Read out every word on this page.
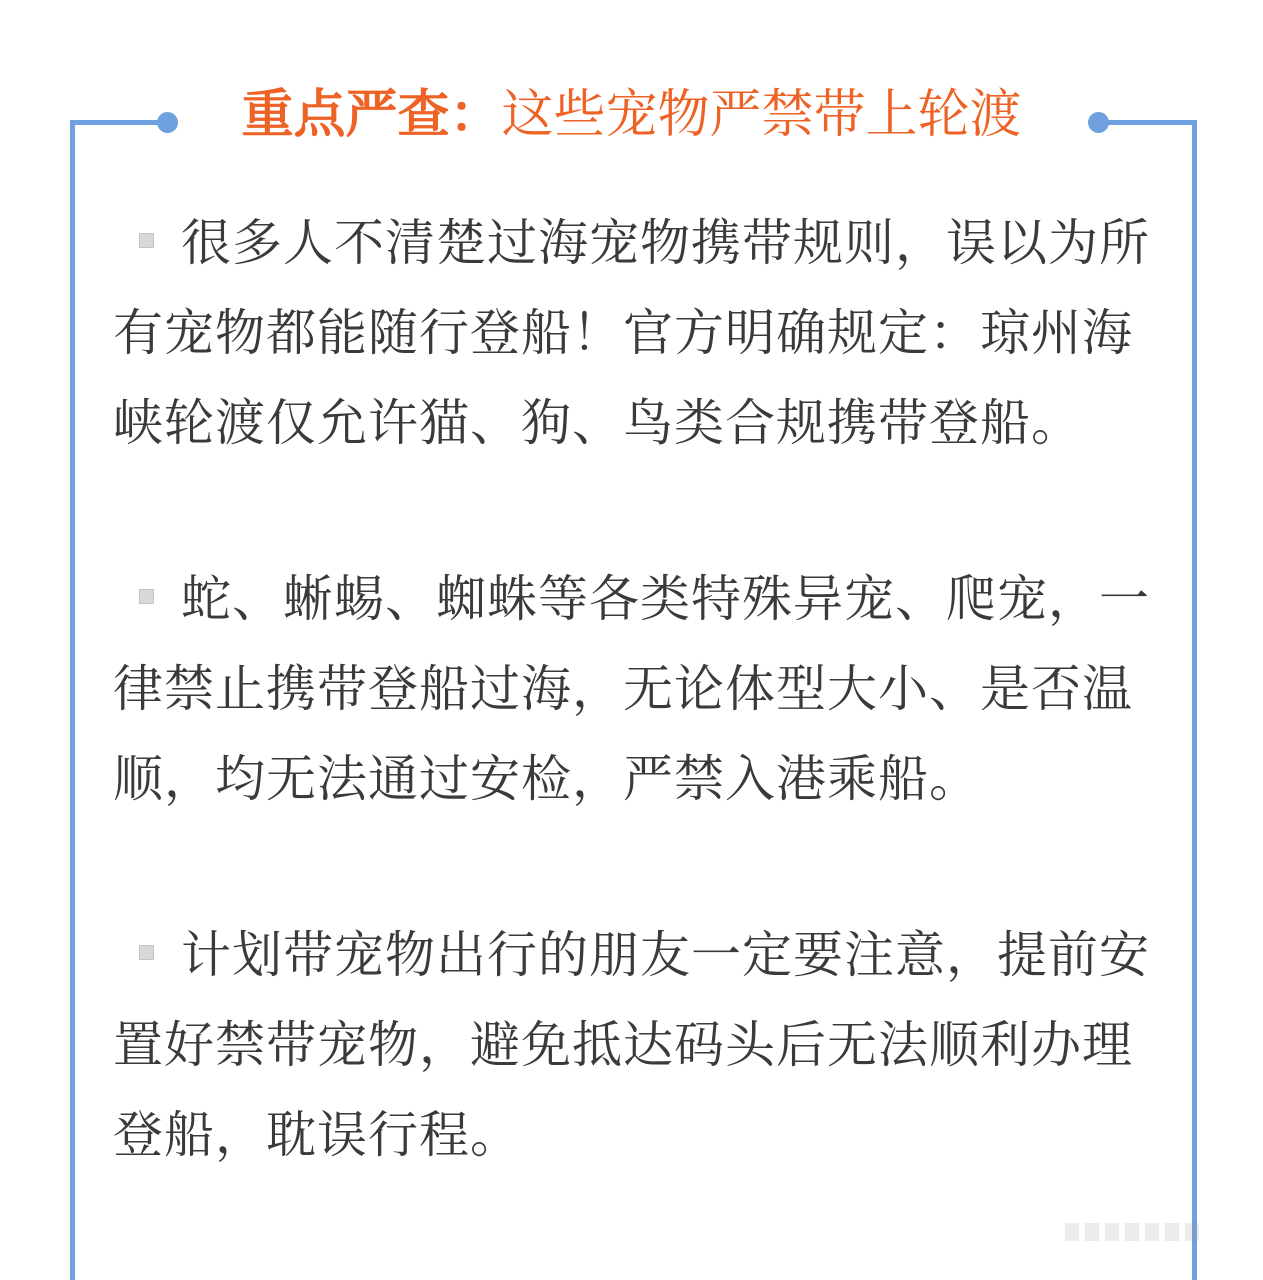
重点严查：这些宠物严禁带上轮渡

很多人不清楚过海宠物携带规则，误以为所有宠物都能随行登船！官方明确规定：琼州海峡轮渡仅允许猫、狗、鸟类合规携带登船。

蛇、蜥蜴、蜘蛛等各类特殊异宠、爬宠，一律禁止携带登船过海，无论体型大小、是否温顺，均无法通过安检，严禁入港乘船。

计划带宠物出行的朋友一定要注意，提前安置好禁带宠物，避免抵达码头后无法顺利办理登船，耽误行程。
